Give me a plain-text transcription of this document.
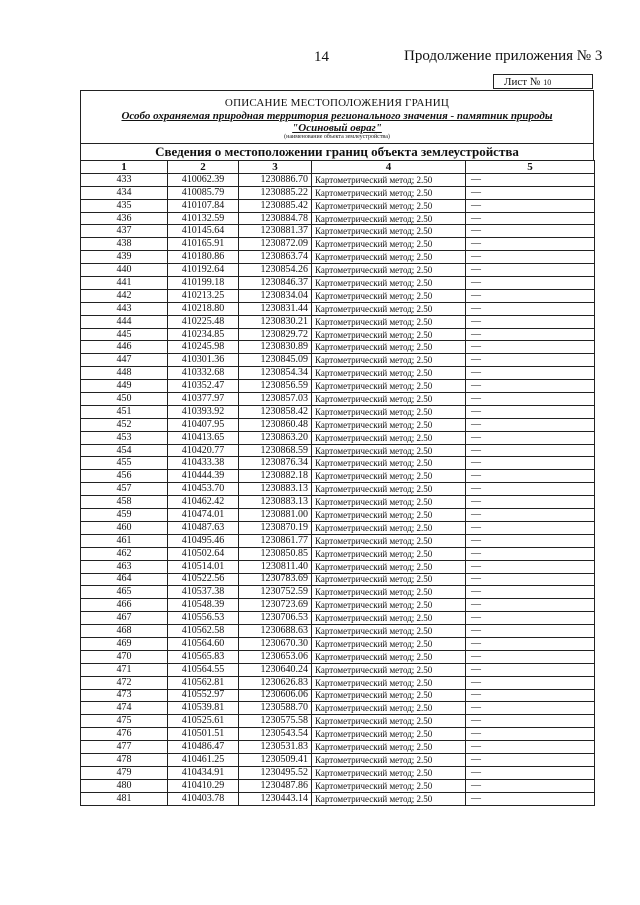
14	Продолжение приложения № 3
Лист № $^{10}$
ОПИСАНИЕ МЕСТОПОЛОЖЕНИЯ ГРАНИЦ
Особо охраняемая природная территория регионального значения - памятник природы
"Осиновый овраг"
(наименование объекта землеустройства)
Сведения о местоположении границ объекта землеустройства
1	2	3	4	5
433	410062.39	1230886.70	Картометрический метод; 2.50	—
434	410085.79	1230885.22	Картометрический метод; 2.50	—
435	410107.84	1230885.42	Картометрический метод; 2.50	—
436	410132.59	1230884.78	Картометрический метод; 2.50	—
437	410145.64	1230881.37	Картометрический метод; 2.50	—
438	410165.91	1230872.09	Картометрический метод; 2.50	—
439	410180.86	1230863.74	Картометрический метод; 2.50	—
440	410192.64	1230854.26	Картометрический метод; 2.50	—
441	410199.18	1230846.37	Картометрический метод; 2.50	—
442	410213.25	1230834.04	Картометрический метод; 2.50	—
443	410218.80	1230831.44	Картометрический метод; 2.50	—
444	410225.48	1230830.21	Картометрический метод; 2.50	—
445	410234.85	1230829.72	Картометрический метод; 2.50	—
446	410245.98	1230830.89	Картометрический метод; 2.50	—
447	410301.36	1230845.09	Картометрический метод; 2.50	—
448	410332.68	1230854.34	Картометрический метод; 2.50	—
449	410352.47	1230856.59	Картометрический метод; 2.50	—
450	410377.97	1230857.03	Картометрический метод; 2.50	—
451	410393.92	1230858.42	Картометрический метод; 2.50	—
452	410407.95	1230860.48	Картометрический метод; 2.50	—
453	410413.65	1230863.20	Картометрический метод; 2.50	—
454	410420.77	1230868.59	Картометрический метод; 2.50	—
455	410433.38	1230876.34	Картометрический метод; 2.50	—
456	410444.39	1230882.18	Картометрический метод; 2.50	—
457	410453.70	1230883.13	Картометрический метод; 2.50	—
458	410462.42	1230883.13	Картометрический метод; 2.50	—
459	410474.01	1230881.00	Картометрический метод; 2.50	—
460	410487.63	1230870.19	Картометрический метод; 2.50	—
461	410495.46	1230861.77	Картометрический метод; 2.50	—
462	410502.64	1230850.85	Картометрический метод; 2.50	—
463	410514.01	1230811.40	Картометрический метод; 2.50	—
464	410522.56	1230783.69	Картометрический метод; 2.50	—
465	410537.38	1230752.59	Картометрический метод; 2.50	—
466	410548.39	1230723.69	Картометрический метод; 2.50	—
467	410556.53	1230706.53	Картометрический метод; 2.50	—
468	410562.58	1230688.63	Картометрический метод; 2.50	—
469	410564.60	1230670.30	Картометрический метод; 2.50	—
470	410565.83	1230653.06	Картометрический метод; 2.50	—
471	410564.55	1230640.24	Картометрический метод; 2.50	—
472	410562.81	1230626.83	Картометрический метод; 2.50	—
473	410552.97	1230606.06	Картометрический метод; 2.50	—
474	410539.81	1230588.70	Картометрический метод; 2.50	—
475	410525.61	1230575.58	Картометрический метод; 2.50	—
476	410501.51	1230543.54	Картометрический метод; 2.50	—
477	410486.47	1230531.83	Картометрический метод; 2.50	—
478	410461.25	1230509.41	Картометрический метод; 2.50	—
479	410434.91	1230495.52	Картометрический метод; 2.50	—
480	410410.29	1230487.86	Картометрический метод; 2.50	—
481	410403.78	1230443.14	Картометрический метод; 2.50	—
